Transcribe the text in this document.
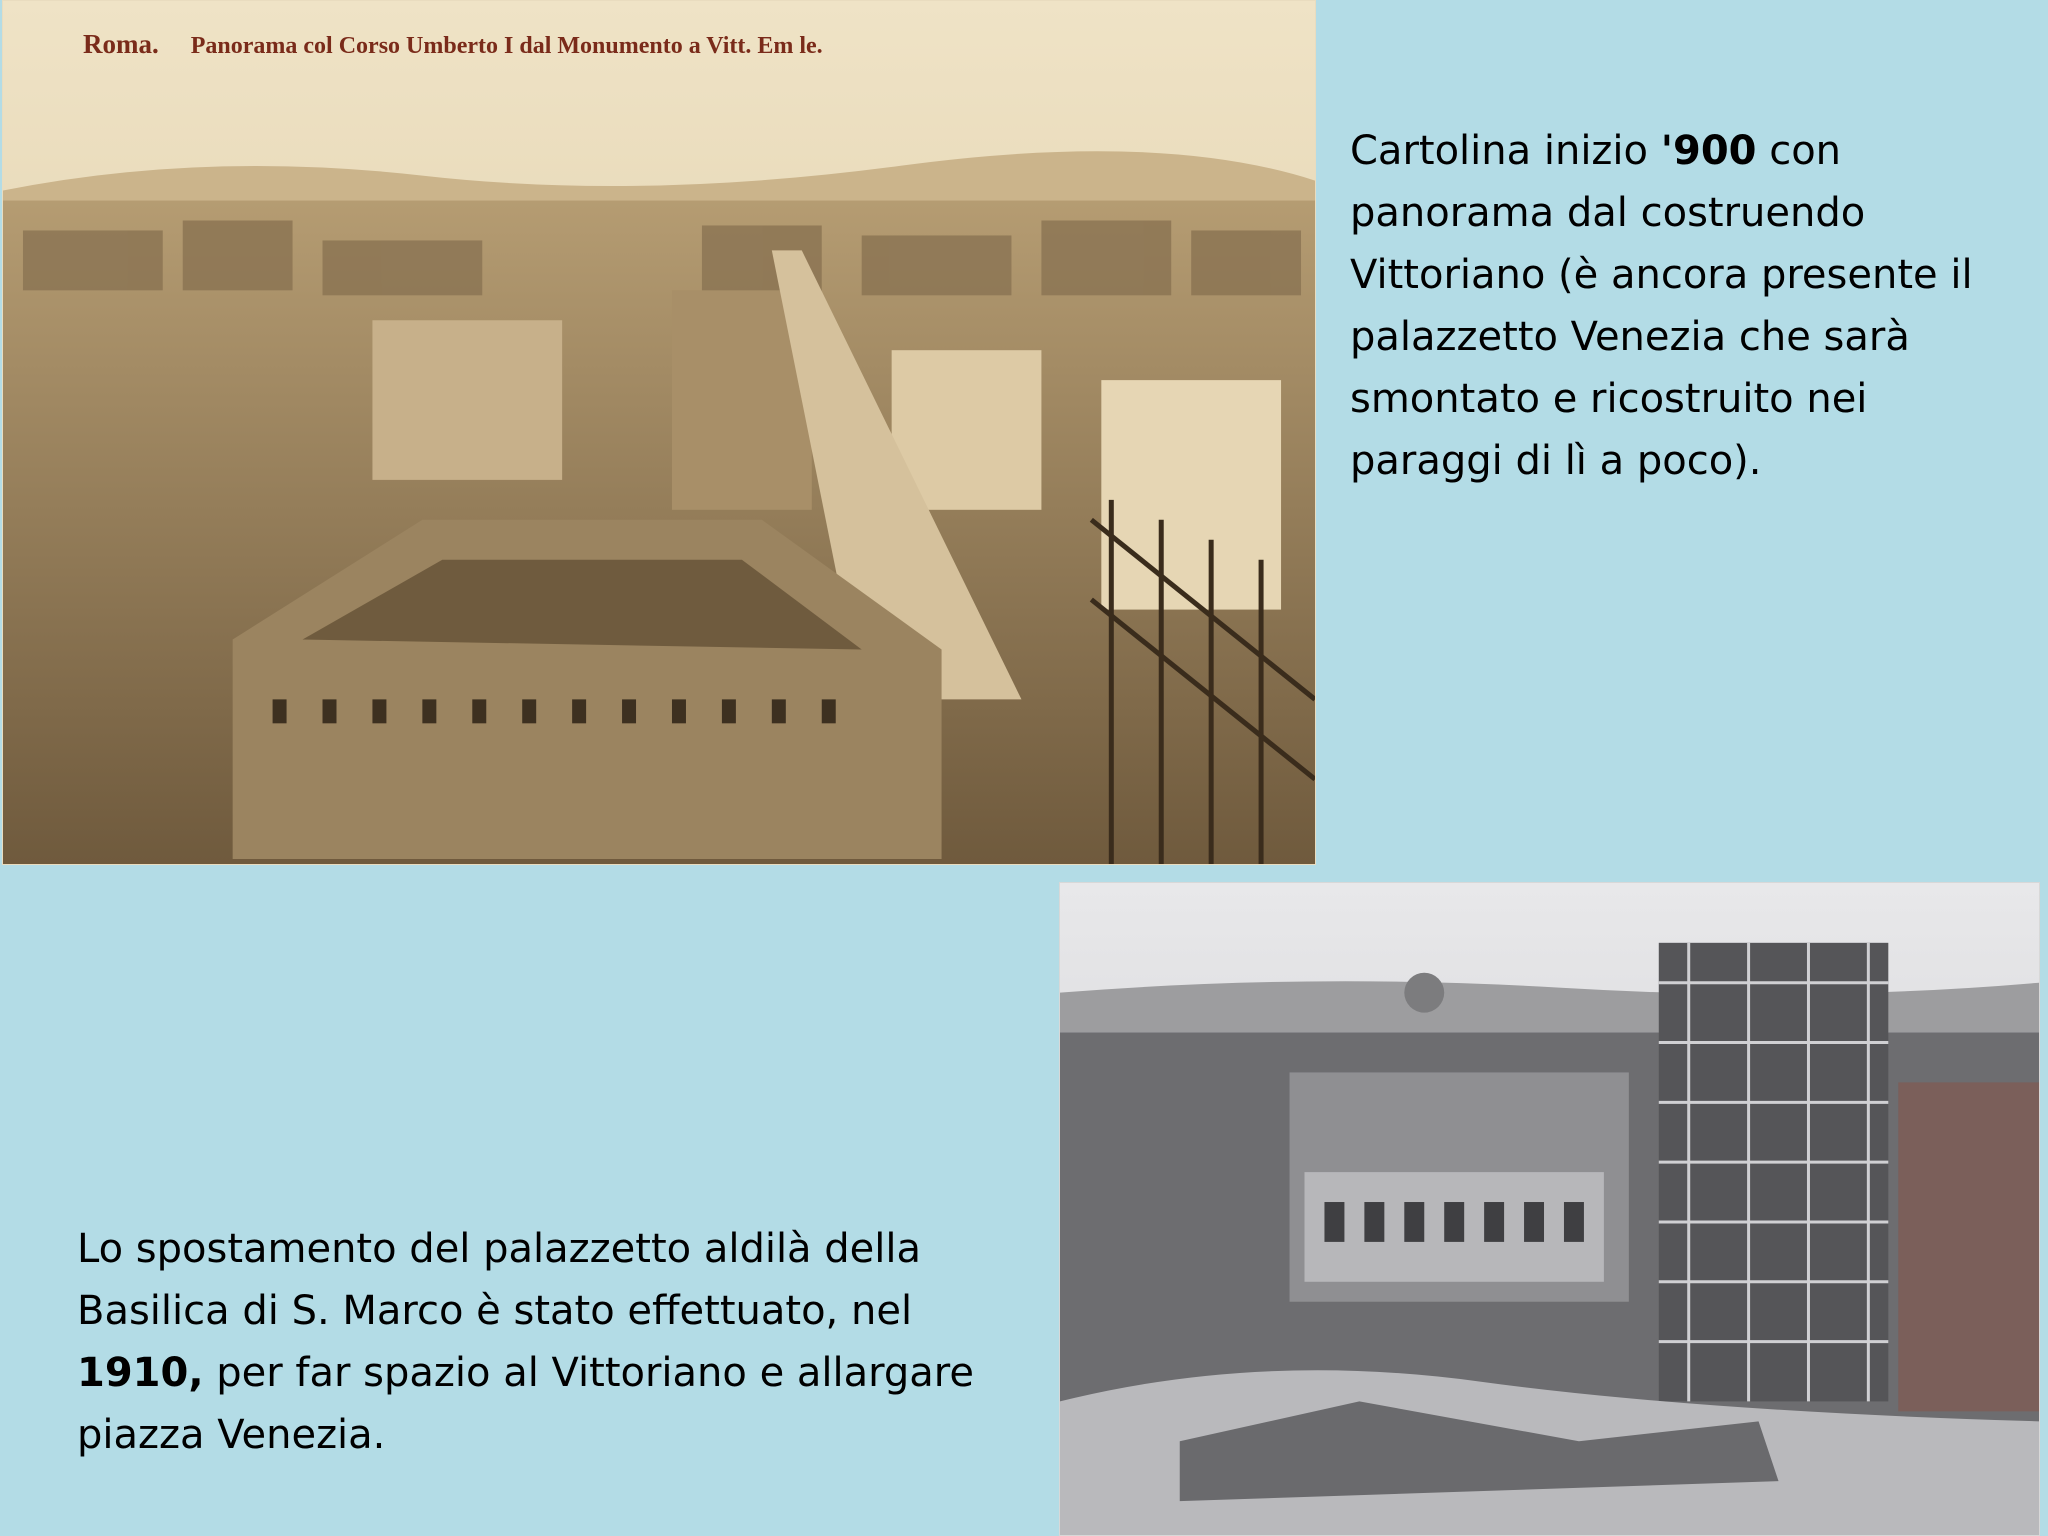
Roma. Panorama col Corso Umberto I dal Monumento a Vitt. Em le.
Cartolina inizio '900 con panorama dal costruendo Vittoriano (è ancora presente il palazzetto Venezia che sarà smontato e ricostruito nei paraggi di lì a poco).
Lo spostamento del palazzetto aldilà della Basilica di S. Marco è stato effettuato, nel 1910, per far spazio al Vittoriano e allargare piazza Venezia.
